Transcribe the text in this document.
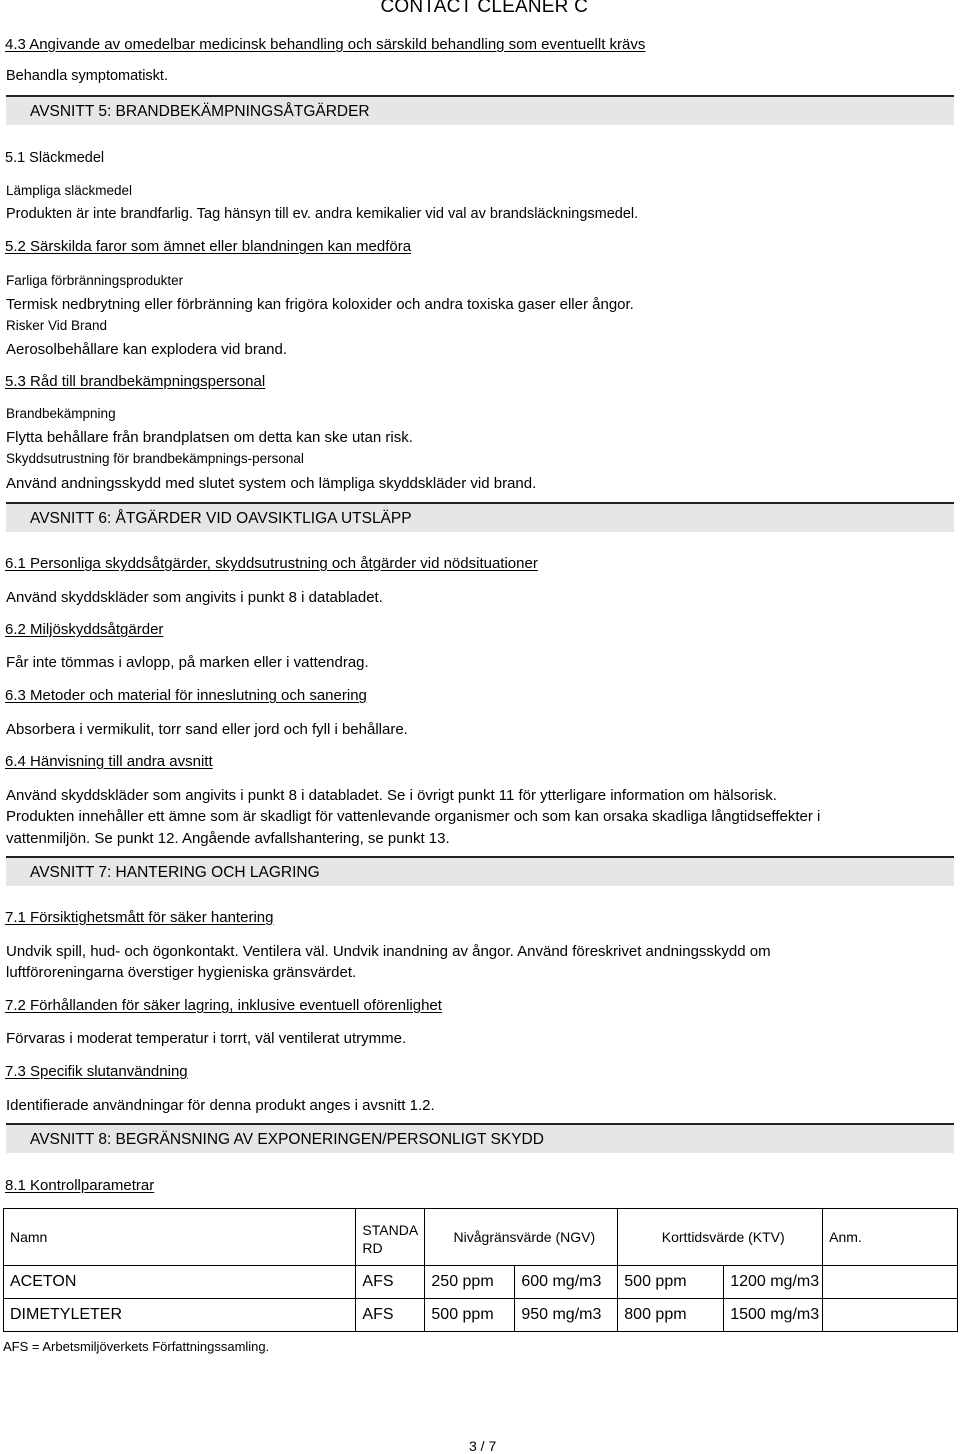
CONTACT CLEANER C
4.3 Angivande av omedelbar medicinsk behandling och särskild behandling som eventuellt krävs
Behandla symptomatiskt.
AVSNITT 5: BRANDBEKÄMPNINGSÅTGÄRDER
5.1 Släckmedel
Lämpliga släckmedel
Produkten är inte brandfarlig. Tag hänsyn till ev. andra kemikalier vid val av brandsläckningsmedel.
5.2 Särskilda faror som ämnet eller blandningen kan medföra
Farliga förbränningsprodukter
Termisk nedbrytning eller förbränning kan frigöra koloxider och andra toxiska gaser eller ångor.
Risker Vid Brand
Aerosolbehållare kan explodera vid brand.
5.3 Råd till brandbekämpningspersonal
Brandbekämpning
Flytta behållare från brandplatsen om detta kan ske utan risk.
Skyddsutrustning för brandbekämpnings-personal
Använd andningsskydd med slutet system och lämpliga skyddskläder vid brand.
AVSNITT 6: ÅTGÄRDER VID OAVSIKTLIGA UTSLÄPP
6.1 Personliga skyddsåtgärder, skyddsutrustning och åtgärder vid nödsituationer
Använd skyddskläder som angivits i punkt 8 i databladet.
6.2 Miljöskyddsåtgärder
Får inte tömmas i avlopp, på marken eller i vattendrag.
6.3 Metoder och material för inneslutning och sanering
Absorbera i vermikulit, torr sand eller jord och fyll i behållare.
6.4 Hänvisning till andra avsnitt
Använd skyddskläder som angivits i punkt 8 i databladet. Se i övrigt punkt 11 för ytterligare information om hälsorisk.
Produkten innehåller ett ämne som är skadligt för vattenlevande organismer och som kan orsaka skadliga långtidseffekter i
vattenmiljön. Se punkt 12. Angående avfallshantering, se punkt 13.
AVSNITT 7: HANTERING OCH LAGRING
7.1 Försiktighetsmått för säker hantering
Undvik spill, hud- och ögonkontakt. Ventilera väl. Undvik inandning av ångor. Använd föreskrivet andningsskydd om
luftföroreningarna överstiger hygieniska gränsvärdet.
7.2 Förhållanden för säker lagring, inklusive eventuell oförenlighet
Förvaras i moderat temperatur i torrt, väl ventilerat utrymme.
7.3 Specifik slutanvändning
Identifierade användningar för denna produkt anges i avsnitt 1.2.
AVSNITT 8: BEGRÄNSNING AV EXPONERINGEN/PERSONLIGT SKYDD
8.1 Kontrollparametrar
Namn	STANDA RD	Nivågränsvärde (NGV)		Korttidsvärde (KTV)		Anm.
ACETON	AFS	250 ppm	600 mg/m3	500 ppm	1200 mg/m3	
DIMETYLETER	AFS	500 ppm	950 mg/m3	800 ppm	1500 mg/m3	
AFS = Arbetsmiljöverkets Författningssamling.
3 / 7
